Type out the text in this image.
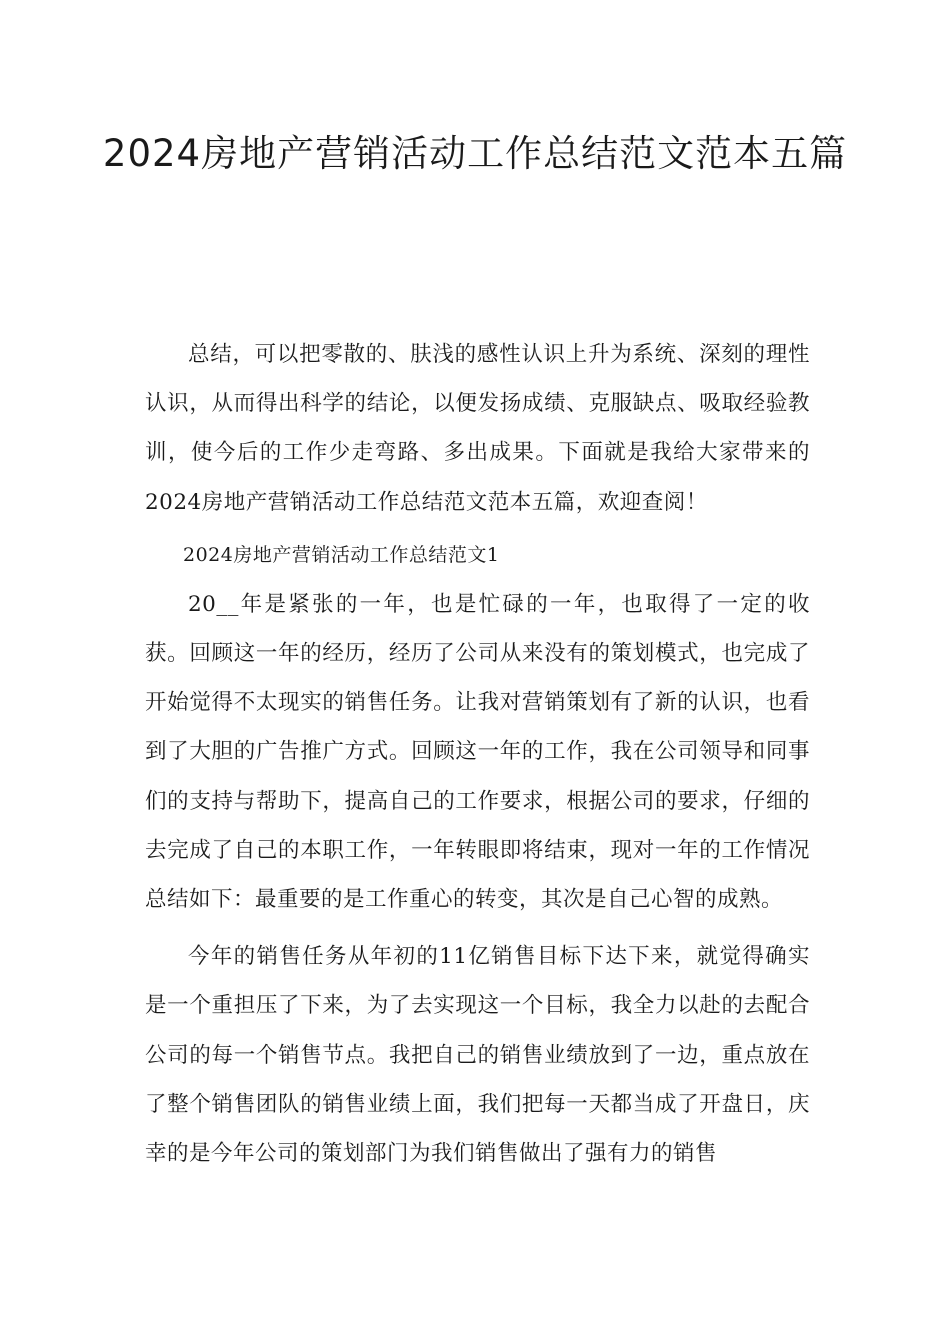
2024房地产营销活动工作总结范文范本五篇

总结，可以把零散的、肤浅的感性认识上升为系统、深刻的理性认识，从而得出科学的结论，以便发扬成绩、克服缺点、吸取经验教训，使今后的工作少走弯路、多出成果。下面就是我给大家带来的2024房地产营销活动工作总结范文范本五篇，欢迎查阅！

2024房地产营销活动工作总结范文1

20__年是紧张的一年，也是忙碌的一年，也取得了一定的收获。回顾这一年的经历，经历了公司从来没有的策划模式，也完成了开始觉得不太现实的销售任务。让我对营销策划有了新的认识，也看到了大胆的广告推广方式。回顾这一年的工作，我在公司领导和同事们的支持与帮助下，提高自己的工作要求，根据公司的要求，仔细的去完成了自己的本职工作，一年转眼即将结束，现对一年的工作情况总结如下：最重要的是工作重心的转变，其次是自己心智的成熟。

今年的销售任务从年初的11亿销售目标下达下来，就觉得确实是一个重担压了下来，为了去实现这一个目标，我全力以赴的去配合公司的每一个销售节点。我把自己的销售业绩放到了一边，重点放在了整个销售团队的销售业绩上面，我们把每一天都当成了开盘日，庆幸的是今年公司的策划部门为我们销售做出了强有力的销售
